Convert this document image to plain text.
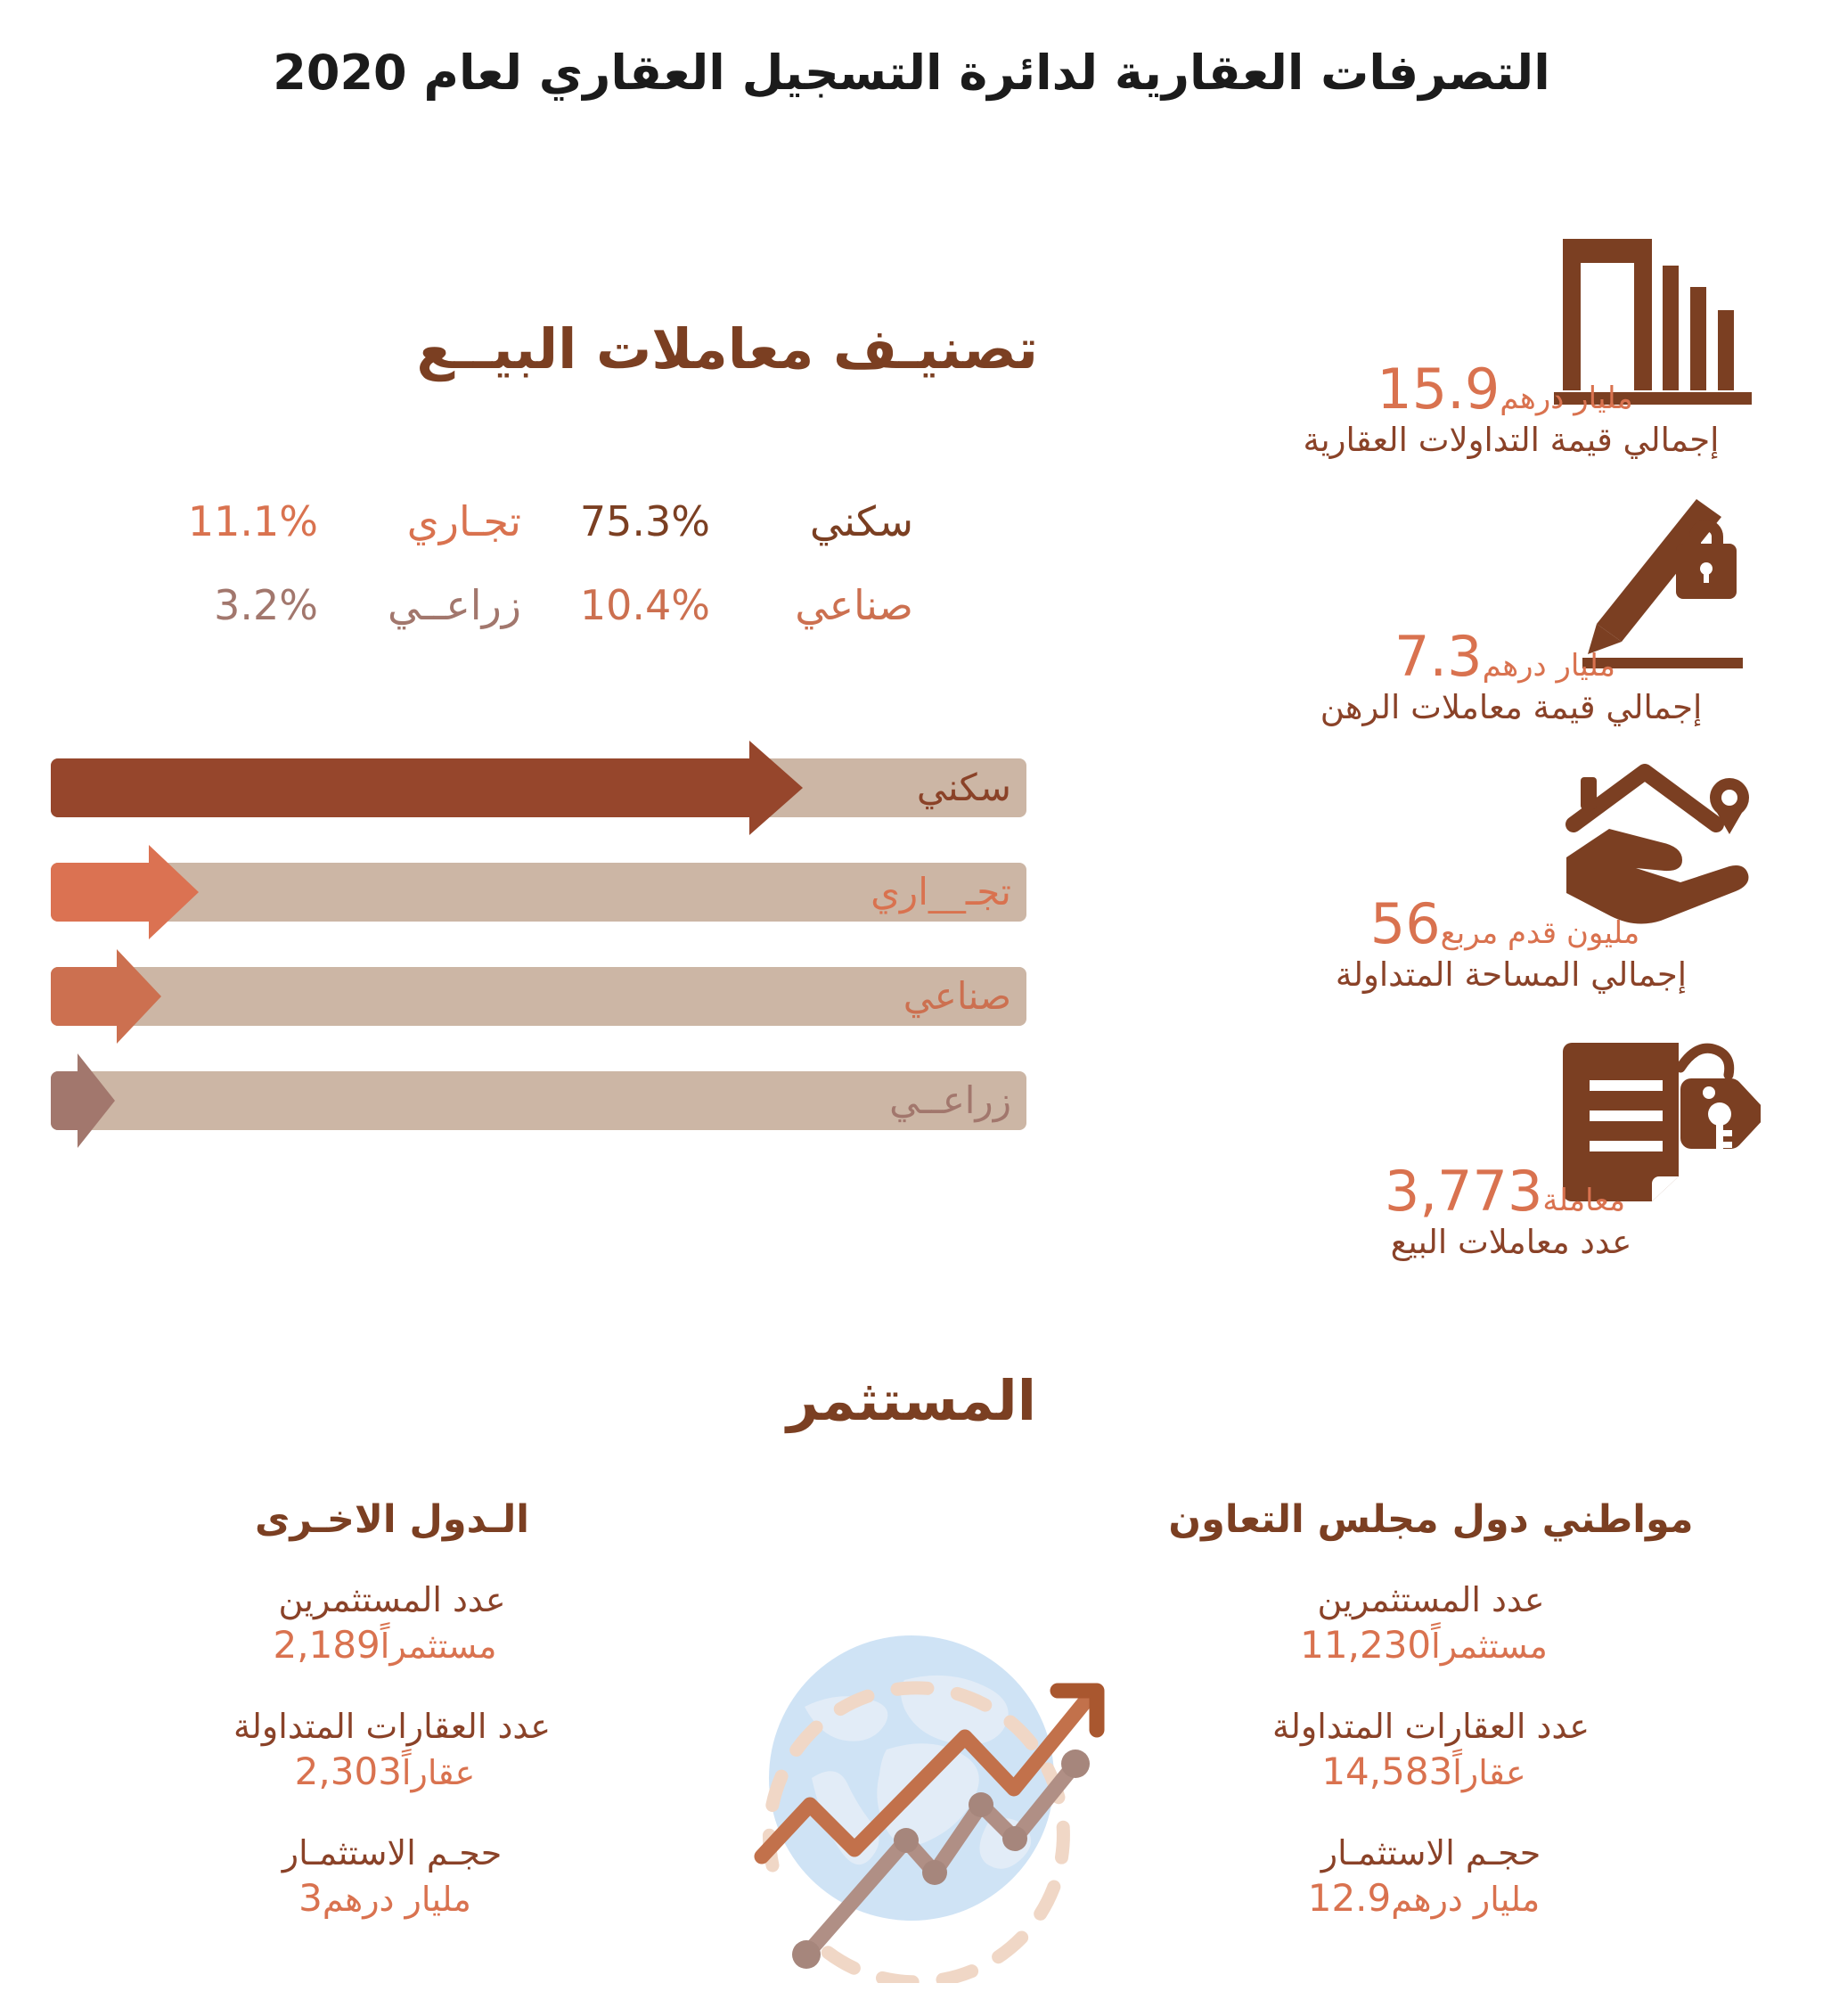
التصرفات العقارية لدائرة التسجيل العقاري لعام 2020
مليار درهم15.9
إجمالي قيمة التداولات العقارية
مليار درهم7.3
إجمالي قيمة معاملات الرهن
مليون قدم مربع56
إجمالي المساحة المتداولة
معاملة3,773
عدد معاملات البيع
تصنيـف معاملات البيــع
سكني
75.3%
تجـاري
11.1%
صناعي
10.4%
زراعــي
3.2%
سكني
تجـ__اري
صناعي
زراعــي
المستثمر
مواطني دول مجلس التعاون
عدد المستثمرين
مستثمراً11,230
عدد العقارات المتداولة
عقاراً14,583
حجـم الاستثمـار
مليار درهم12.9
الـدول الاخـرى
عدد المستثمرين
مستثمراً2,189
عدد العقارات المتداولة
عقاراً2,303
حجـم الاستثمـار
مليار درهم3
